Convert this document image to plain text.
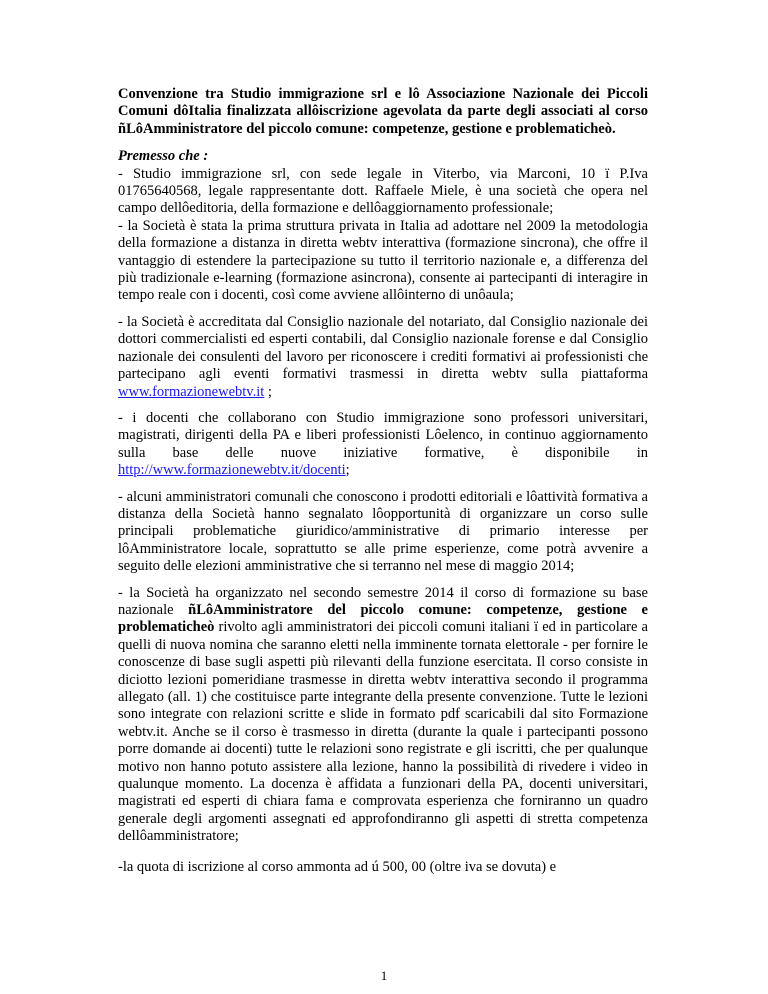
Convenzione tra Studio immigrazione srl e lô Associazione Nazionale dei Piccoli Comuni dôItalia finalizzata allôiscrizione agevolata da parte degli associati al corso ñLôAmministratore del piccolo comune: competenze, gestione e problematicheò.

Premesso che :

- Studio immigrazione srl, con sede legale in Viterbo, via Marconi, 10 ï P.Iva 01765640568, legale rappresentante dott. Raffaele Miele, è una società che opera nel campo dellôeditoria, della formazione e dellôaggiornamento professionale;

- la Società è stata la prima struttura privata in Italia ad adottare nel 2009 la metodologia della formazione a distanza in diretta webtv interattiva (formazione sincrona), che offre il vantaggio di estendere la partecipazione su tutto il territorio nazionale e, a differenza del più tradizionale e-learning (formazione asincrona), consente ai partecipanti di interagire in tempo reale con i docenti, così come avviene allôinterno di unôaula;

- la Società è accreditata dal Consiglio nazionale del notariato, dal Consiglio nazionale dei dottori commercialisti ed esperti contabili, dal Consiglio nazionale forense e dal Consiglio nazionale dei consulenti del lavoro per riconoscere i crediti formativi ai professionisti che partecipano agli eventi formativi trasmessi in diretta webtv sulla piattaforma www.formazionewebtv.it ;

- i docenti che collaborano con Studio immigrazione sono professori universitari, magistrati, dirigenti della PA e liberi professionisti Lôelenco, in continuo aggiornamento sulla base delle nuove iniziative formative, è disponibile in http://www.formazionewebtv.it/docenti;

- alcuni amministratori comunali che conoscono i prodotti editoriali e lôattività formativa a distanza della Società hanno segnalato lôopportunità di organizzare un corso sulle principali problematiche giuridico/amministrative di primario interesse per lôAmministratore locale, soprattutto se alle prime esperienze, come potrà avvenire a seguito delle elezioni amministrative che si terranno nel mese di maggio 2014;

- la Società ha organizzato nel secondo semestre 2014 il corso di formazione su base nazionale ñLôAmministratore del piccolo comune: competenze, gestione e problematicheò rivolto agli amministratori dei piccoli comuni italiani ï ed in particolare a quelli di nuova nomina che saranno eletti nella imminente tornata elettorale - per fornire le conoscenze di base sugli aspetti più rilevanti della funzione esercitata. Il corso consiste in diciotto lezioni pomeridiane trasmesse in diretta webtv interattiva secondo il programma allegato (all. 1) che costituisce parte integrante della presente convenzione. Tutte le lezioni sono integrate con relazioni scritte e slide in formato pdf scaricabili dal sito Formazione webtv.it. Anche se il corso è trasmesso in diretta (durante la quale i partecipanti possono porre domande ai docenti) tutte le relazioni sono registrate e gli iscritti, che per qualunque motivo non hanno potuto assistere alla lezione, hanno la possibilità di rivedere i video in qualunque momento. La docenza è affidata a funzionari della PA, docenti universitari, magistrati ed esperti di chiara fama e comprovata esperienza che forniranno un quadro generale degli argomenti assegnati ed approfondiranno gli aspetti di stretta competenza dellôamministratore;

-la quota di iscrizione al corso ammonta ad ú 500, 00 (oltre iva se dovuta) e

1
